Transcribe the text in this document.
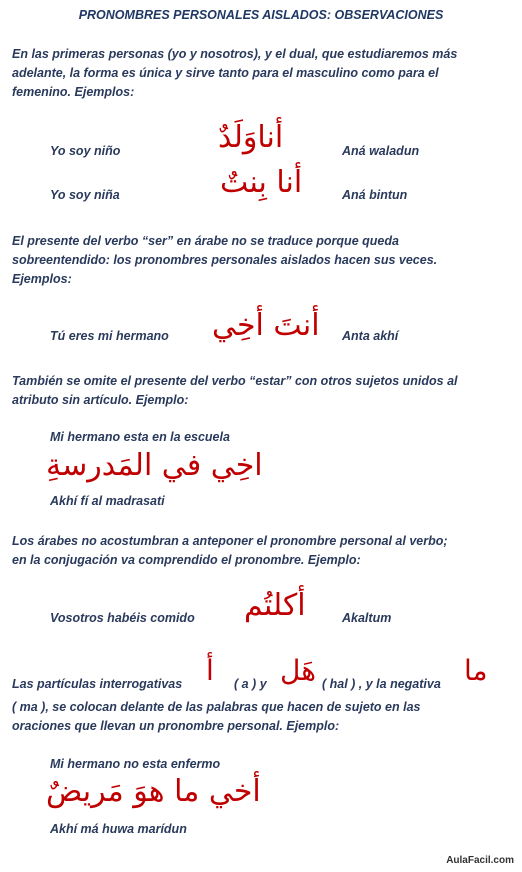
PRONOMBRES PERSONALES AISLADOS: OBSERVACIONES
En las primeras personas (yo y nosotros), y el dual, que estudiaremos más
adelante, la forma es única y sirve tanto para el masculino como para el
femenino. Ejemplos:
Yo soy niño	أناوَلَدٌ	Aná waladun
Yo soy niña	أنا بِنتٌ	Aná bintun
El presente del verbo “ser” en árabe no se traduce porque queda
sobreentendido: los pronombres personales aislados hacen sus veces.
Ejemplos:
Tú eres mi hermano أنتَ أخِي Anta akhí
También se omite el presente del verbo “estar” con otros sujetos unidos al
atributo sin artículo. Ejemplo:
Mi hermano esta en la escuela
اخِي في المَدرسةِ
Akhí fí al madrasati
Los árabes no acostumbran a anteponer el pronombre personal al verbo;
en la conjugación va comprendido el pronombre. Ejemplo:
Vosotros habéis comido أكلتُم	Akaltum
Las partículas interrogativas أ ( a ) y هَل ( hal ) , y la negativa ما
( ma ), se colocan delante de las palabras que hacen de sujeto en las
oraciones que llevan un pronombre personal. Ejemplo:
Mi hermano no esta enfermo
أخي ما هوَ مَريضٌ
Akhí má huwa marídun
AulaFacil.com
